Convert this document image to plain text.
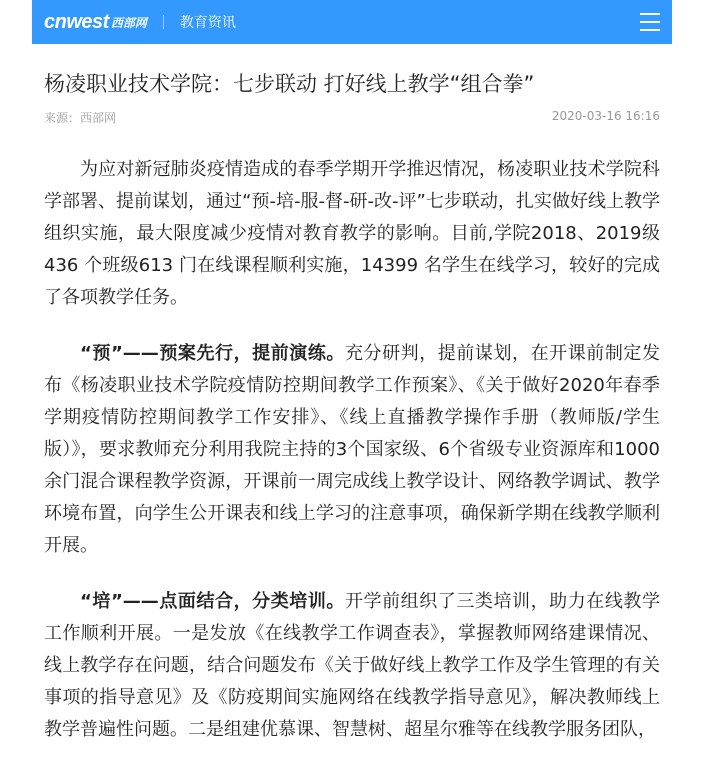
cnwest 西部网 教育资讯
杨凌职业技术学院：七步联动 打好线上教学“组合拳”
来源：西部网	2020-03-16 16:16

为应对新冠肺炎疫情造成的春季学期开学推迟情况，杨凌职业技术学院科学部署、提前谋划，通过“预-培-服-督-研-改-评”七步联动，扎实做好线上教学组织实施，最大限度减少疫情对教育教学的影响。目前,学院2018、2019级436 个班级613 门在线课程顺利实施，14399 名学生在线学习，较好的完成了各项教学任务。

“预”——预案先行，提前演练。充分研判，提前谋划，在开课前制定发布《杨凌职业技术学院疫情防控期间教学工作预案》、《关于做好2020年春季学期疫情防控期间教学工作安排》、《线上直播教学操作手册（教师版/学生版）》，要求教师充分利用我院主持的3个国家级、6个省级专业资源库和1000余门混合课程教学资源，开课前一周完成线上教学设计、网络教学调试、教学环境布置，向学生公开课表和线上学习的注意事项，确保新学期在线教学顺利开展。

“培”——点面结合，分类培训。开学前组织了三类培训，助力在线教学工作顺利开展。一是发放《在线教学工作调查表》，掌握教师网络建课情况、线上教学存在问题，结合问题发布《关于做好线上教学工作及学生管理的有关事项的指导意见》及《防疫期间实施网络在线教学指导意见》，解决教师线上教学普遍性问题。二是组建优慕课、智慧树、超星尔雅等在线教学服务团队，
